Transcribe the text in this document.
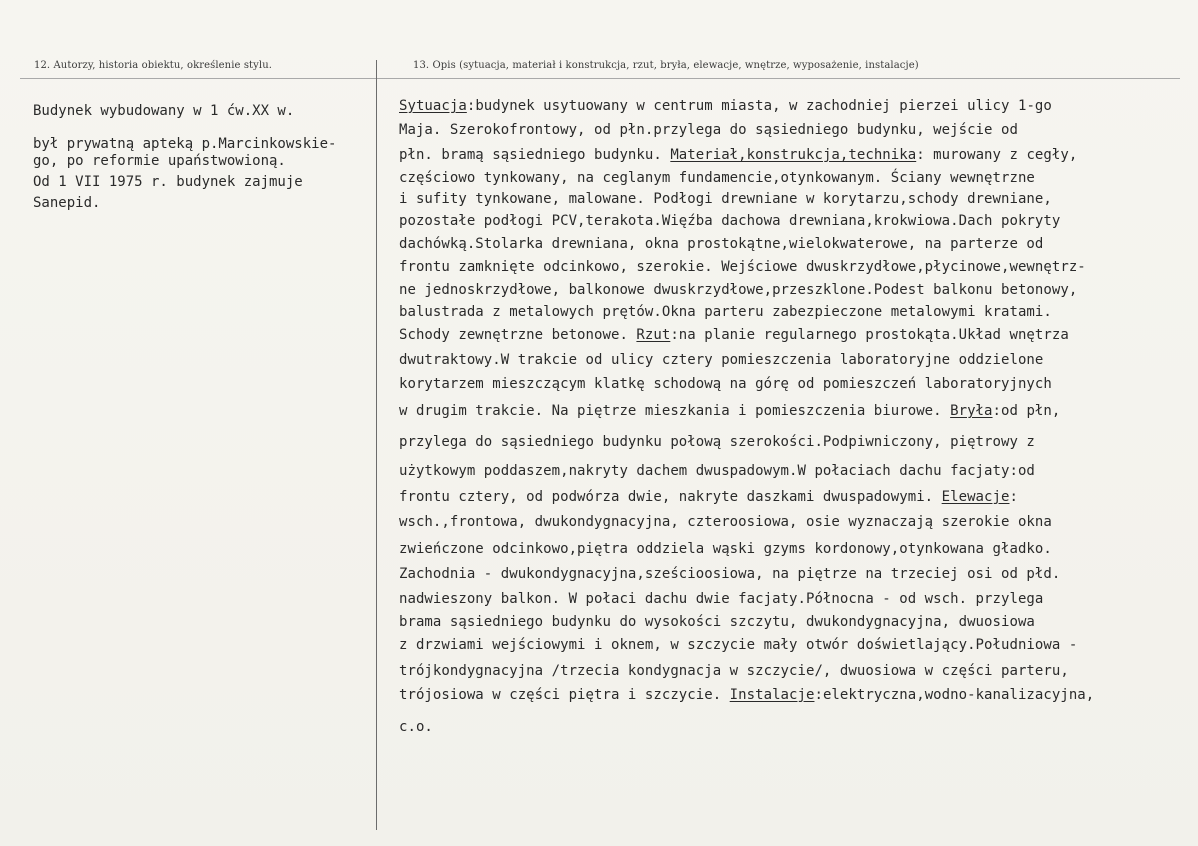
12. Autorzy, historia obiektu, określenie stylu.	13. Opis (sytuacja, materiał i konstrukcja, rzut, bryła, elewacje, wnętrze, wyposażenie, instalacje)
Budynek wybudowany w 1 ćw.XX w.
był prywatną apteką p.Marcinkowskie-
go, po reformie upaństwowioną.
Od 1 VII 1975 r. budynek zajmuje
Sanepid.
Sytuacja:budynek usytuowany w centrum miasta, w zachodniej pierzei ulicy 1-go
Maja. Szerokofrontowy, od płn.przylega do sąsiedniego budynku, wejście od
płn. bramą sąsiedniego budynku. Materiał,konstrukcja,technika: murowany z cegły,
częściowo tynkowany, na ceglanym fundamencie,otynkowanym. Ściany wewnętrzne
i sufity tynkowane, malowane. Podłogi drewniane w korytarzu,schody drewniane,
pozostałe podłogi PCV,terakota.Więźba dachowa drewniana,krokwiowa.Dach pokryty
dachówką.Stolarka drewniana, okna prostokątne,wielokwaterowe, na parterze od
frontu zamknięte odcinkowo, szerokie. Wejściowe dwuskrzydłowe,płycinowe,wewnętrz-
ne jednoskrzydłowe, balkonowe dwuskrzydłowe,przeszklone.Podest balkonu betonowy,
balustrada z metalowych prętów.Okna parteru zabezpieczone metalowymi kratami.
Schody zewnętrzne betonowe. Rzut:na planie regularnego prostokąta.Układ wnętrza
dwutraktowy.W trakcie od ulicy cztery pomieszczenia laboratoryjne oddzielone
korytarzem mieszczącym klatkę schodową na górę od pomieszczeń laboratoryjnych
w drugim trakcie. Na piętrze mieszkania i pomieszczenia biurowe. Bryła:od płn,
przylega do sąsiedniego budynku połową szerokości.Podpiwniczony, piętrowy z
użytkowym poddaszem,nakryty dachem dwuspadowym.W połaciach dachu facjaty:od
frontu cztery, od podwórza dwie, nakryte daszkami dwuspadowymi. Elewacje:
wsch.,frontowa, dwukondygnacyjna, czteroosiowa, osie wyznaczają szerokie okna
zwieńczone odcinkowo,piętra oddziela wąski gzyms kordonowy,otynkowana gładko.
Zachodnia - dwukondygnacyjna,sześcioosiowa, na piętrze na trzeciej osi od płd.
nadwieszony balkon. W połaci dachu dwie facjaty.Północna - od wsch. przylega
brama sąsiedniego budynku do wysokości szczytu, dwukondygnacyjna, dwuosiowa
z drzwiami wejściowymi i oknem, w szczycie mały otwór doświetlający.Południowa -
trójkondygnacyjna /trzecia kondygnacja w szczycie/, dwuosiowa w części parteru,
trójosiowa w części piętra i szczycie. Instalacje:elektryczna,wodno-kanalizacyjna,
c.o.
